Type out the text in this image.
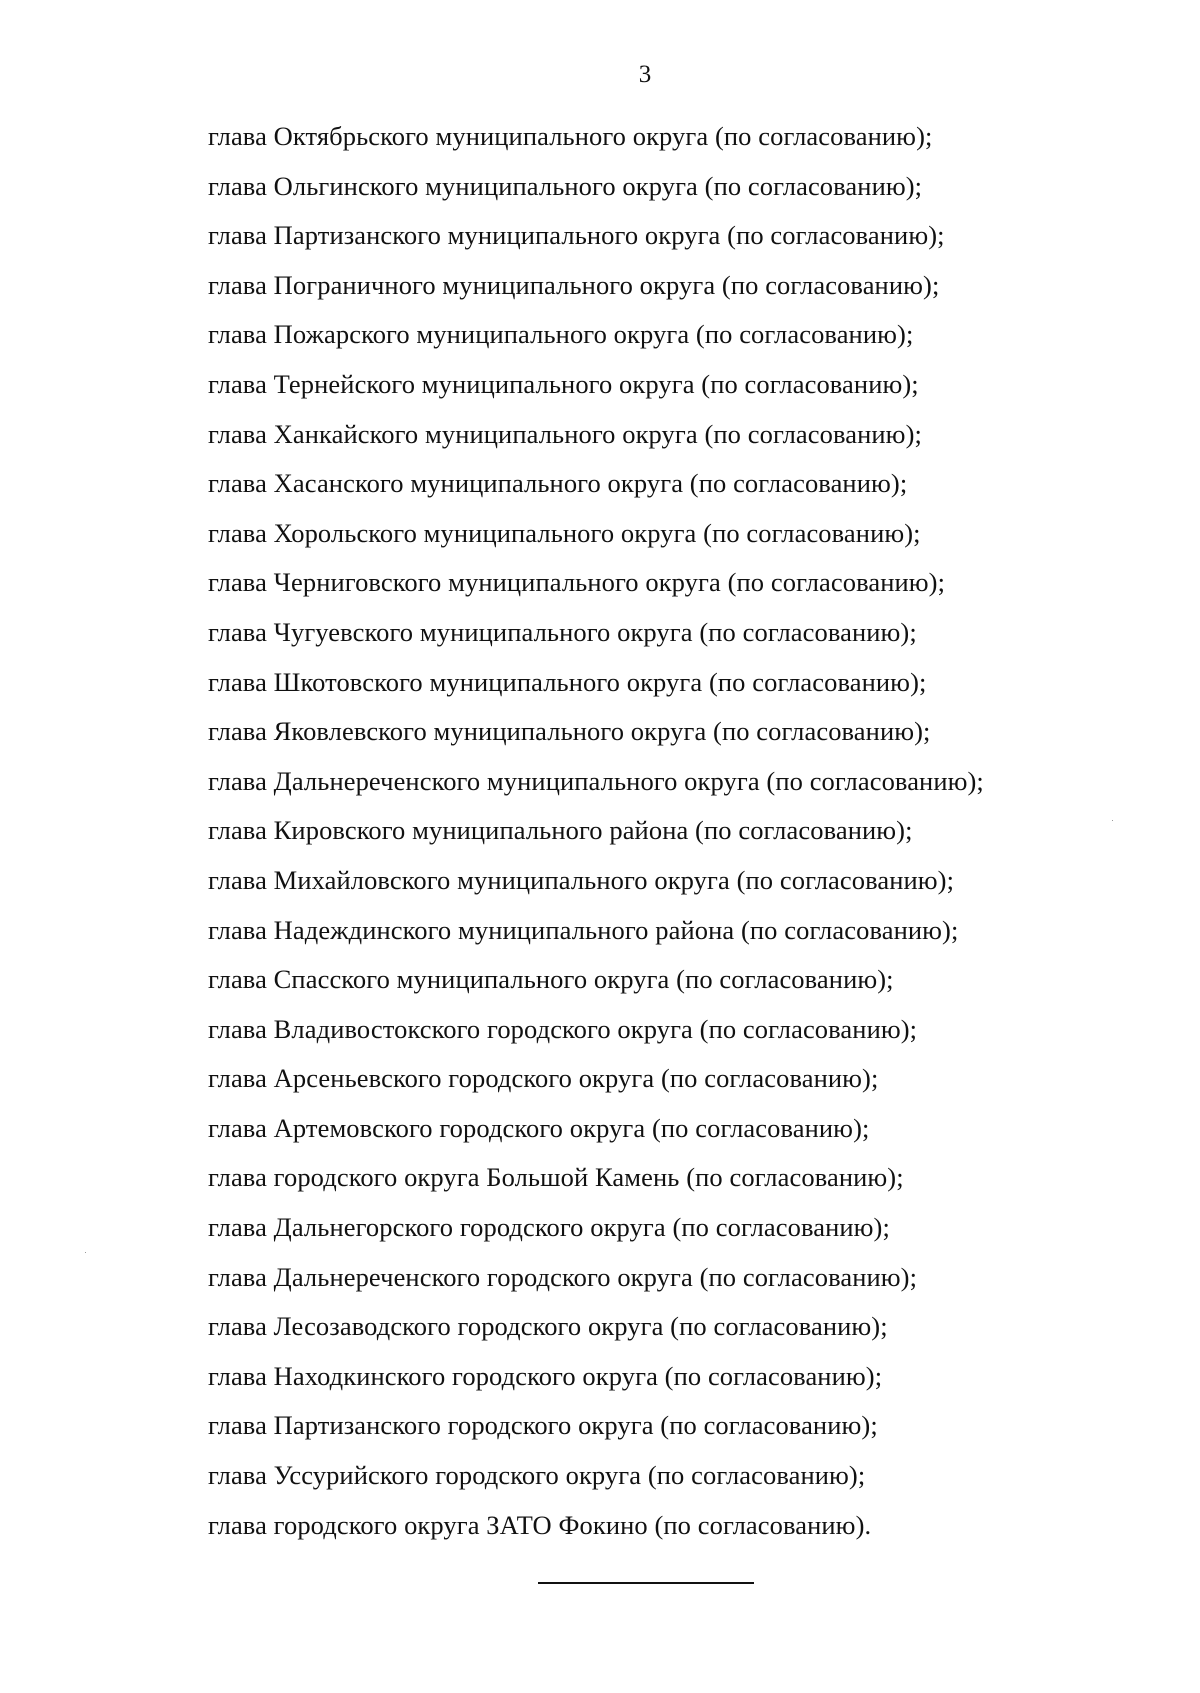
3
глава Октябрьского муниципального округа (по согласованию);
глава Ольгинского муниципального округа (по согласованию);
глава Партизанского муниципального округа (по согласованию);
глава Пограничного муниципального округа (по согласованию);
глава Пожарского муниципального округа (по согласованию);
глава Тернейского муниципального округа (по согласованию);
глава Ханкайского муниципального округа (по согласованию);
глава Хасанского муниципального округа (по согласованию);
глава Хорольского муниципального округа (по согласованию);
глава Черниговского муниципального округа (по согласованию);
глава Чугуевского муниципального округа (по согласованию);
глава Шкотовского муниципального округа (по согласованию);
глава Яковлевского муниципального округа (по согласованию);
глава Дальнереченского муниципального округа (по согласованию);
глава Кировского муниципального района (по согласованию);
глава Михайловского муниципального округа (по согласованию);
глава Надеждинского муниципального района (по согласованию);
глава Спасского муниципального округа (по согласованию);
глава Владивостокского городского округа (по согласованию);
глава Арсеньевского городского округа (по согласованию);
глава Артемовского городского округа (по согласованию);
глава городского округа Большой Камень (по согласованию);
глава Дальнегорского городского округа (по согласованию);
глава Дальнереченского городского округа (по согласованию);
глава Лесозаводского городского округа (по согласованию);
глава Находкинского городского округа (по согласованию);
глава Партизанского городского округа (по согласованию);
глава Уссурийского городского округа (по согласованию);
глава городского округа ЗАТО Фокино (по согласованию).
